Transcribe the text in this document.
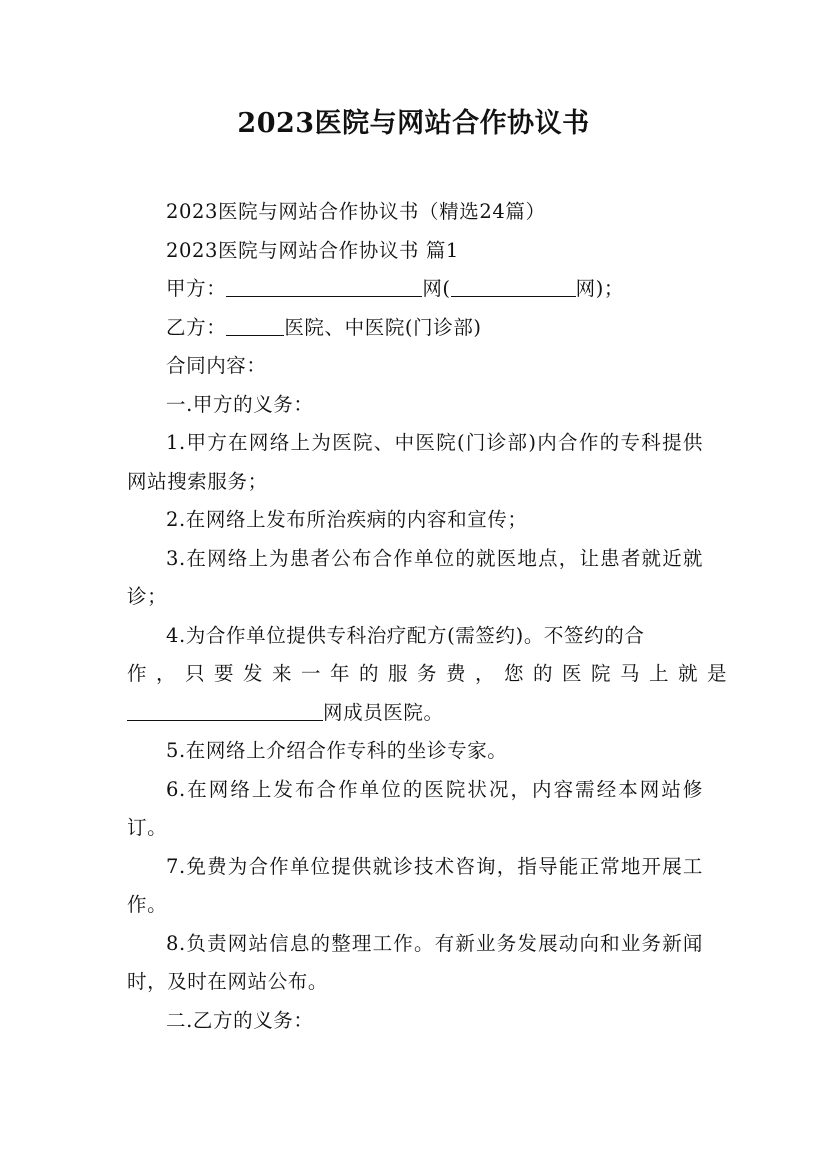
2023医院与网站合作协议书

2023医院与网站合作协议书（精选24篇）

2023医院与网站合作协议书 篇1

甲方：	网(	网)；

乙方：	医院、中医院(门诊部)

合同内容：

一.甲方的义务：

1.甲方在网络上为医院、中医院(门诊部)内合作的专科提供网站搜索服务；

2.在网络上发布所治疾病的内容和宣传；

3.在网络上为患者公布合作单位的就医地点，让患者就近就诊；

4.为合作单位提供专科治疗配方(需签约)。不签约的合

作，只要发来一年的服务费，您的医院马上就是

网成员医院。

5.在网络上介绍合作专科的坐诊专家。

6.在网络上发布合作单位的医院状况，内容需经本网站修订。

7.免费为合作单位提供就诊技术咨询，指导能正常地开展工作。

8.负责网站信息的整理工作。有新业务发展动向和业务新闻时，及时在网站公布。

二.乙方的义务：
